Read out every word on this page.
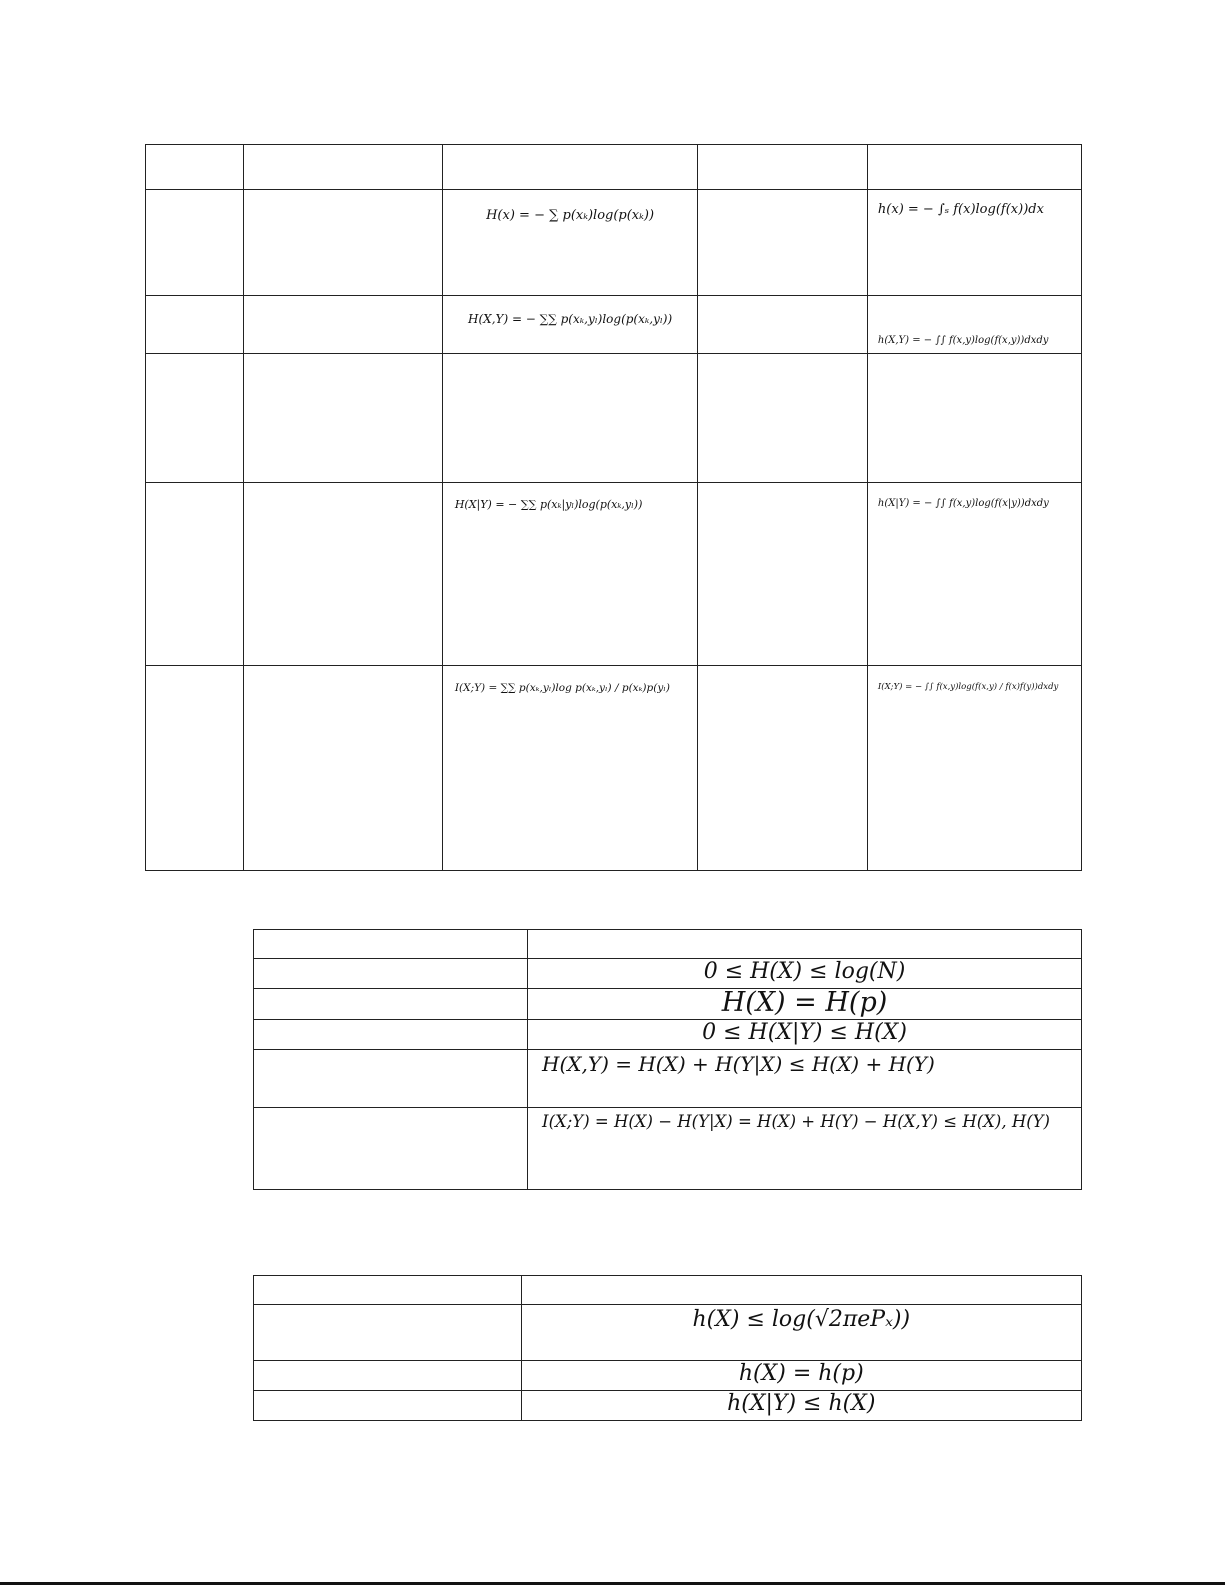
		H(x) = − ∑ p(xₖ)log(p(xₖ))		h(x) = − ∫ₛ f(x)log(f(x))dx
		H(X,Y) = − ∑∑ p(xₖ,yₗ)log(p(xₖ,yₗ))		h(X,Y) = − ∫∫ f(x,y)log(f(x,y))dxdy

		H(X|Y) = − ∑∑ p(xₖ|yₗ)log(p(xₖ,yₗ))		h(X|Y) = − ∫∫ f(x,y)log(f(x|y))dxdy
		I(X;Y) = ∑∑ p(xₖ,yₗ)log p(xₖ,yₗ) / p(xₖ)p(yₗ)		I(X;Y) = − ∫∫ f(x,y)log(f(x,y) / f(x)f(y))dxdy

	0 ≤ H(X) ≤ log(N)
	H(X) = H(p)
	0 ≤ H(X|Y) ≤ H(X)
	H(X,Y) = H(X) + H(Y|X) ≤ H(X) + H(Y)
	I(X;Y) = H(X) − H(Y|X) = H(X) + H(Y) − H(X,Y) ≤ H(X), H(Y)

	h(X) ≤ log(√2πePₓ))
	h(X) = h(p)
	h(X|Y) ≤ h(X)
